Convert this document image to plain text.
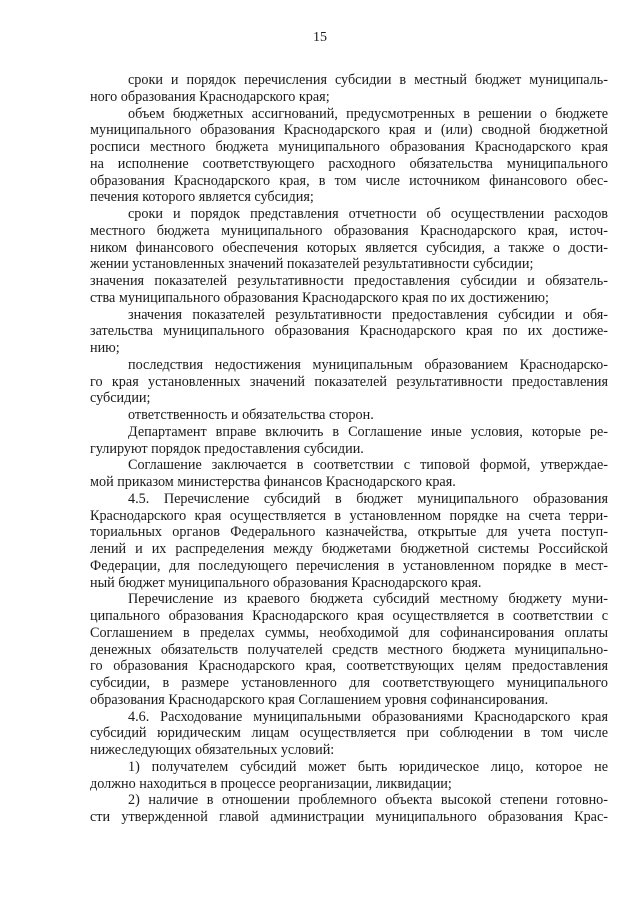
15
сроки и порядок перечисления субсидии в местный бюджет муниципаль-
ного образования Краснодарского края;
объем бюджетных ассигнований, предусмотренных в решении о бюджете
муниципального образования Краснодарского края и (или) сводной бюджетной
росписи местного бюджета муниципального образования Краснодарского края
на исполнение соответствующего расходного обязательства муниципального
образования Краснодарского края, в том числе источником финансового обес-
печения которого является субсидия;
сроки и порядок представления отчетности об осуществлении расходов
местного бюджета муниципального образования Краснодарского края, источ-
ником финансового обеспечения которых является субсидия, а также о дости-
жении установленных значений показателей результативности субсидии;
значения показателей результативности предоставления субсидии и обязатель-
ства муниципального образования Краснодарского края по их достижению;
значения показателей результативности предоставления субсидии и обя-
зательства муниципального образования Краснодарского края по их достиже-
нию;
последствия недостижения муниципальным образованием Краснодарско-
го края установленных значений показателей результативности предоставления
субсидии;
ответственность и обязательства сторон.
Департамент вправе включить в Соглашение иные условия, которые ре-
гулируют порядок предоставления субсидии.
Соглашение заключается в соответствии с типовой формой, утверждае-
мой приказом министерства финансов Краснодарского края.
4.5. Перечисление субсидий в бюджет муниципального образования
Краснодарского края осуществляется в установленном порядке на счета терри-
ториальных органов Федерального казначейства, открытые для учета поступ-
лений и их распределения между бюджетами бюджетной системы Российской
Федерации, для последующего перечисления в установленном порядке в мест-
ный бюджет муниципального образования Краснодарского края.
Перечисление из краевого бюджета субсидий местному бюджету муни-
ципального образования Краснодарского края осуществляется в соответствии с
Соглашением в пределах суммы, необходимой для софинансирования оплаты
денежных обязательств получателей средств местного бюджета муниципально-
го образования Краснодарского края, соответствующих целям предоставления
субсидии, в размере установленного для соответствующего муниципального
образования Краснодарского края Соглашением уровня софинансирования.
4.6. Расходование муниципальными образованиями Краснодарского края
субсидий юридическим лицам осуществляется при соблюдении в том числе
нижеследующих обязательных условий:
1) получателем субсидий может быть юридическое лицо, которое не
должно находиться в процессе реорганизации, ликвидации;
2) наличие в отношении проблемного объекта высокой степени готовно-
сти утвержденной главой администрации муниципального образования Крас-
